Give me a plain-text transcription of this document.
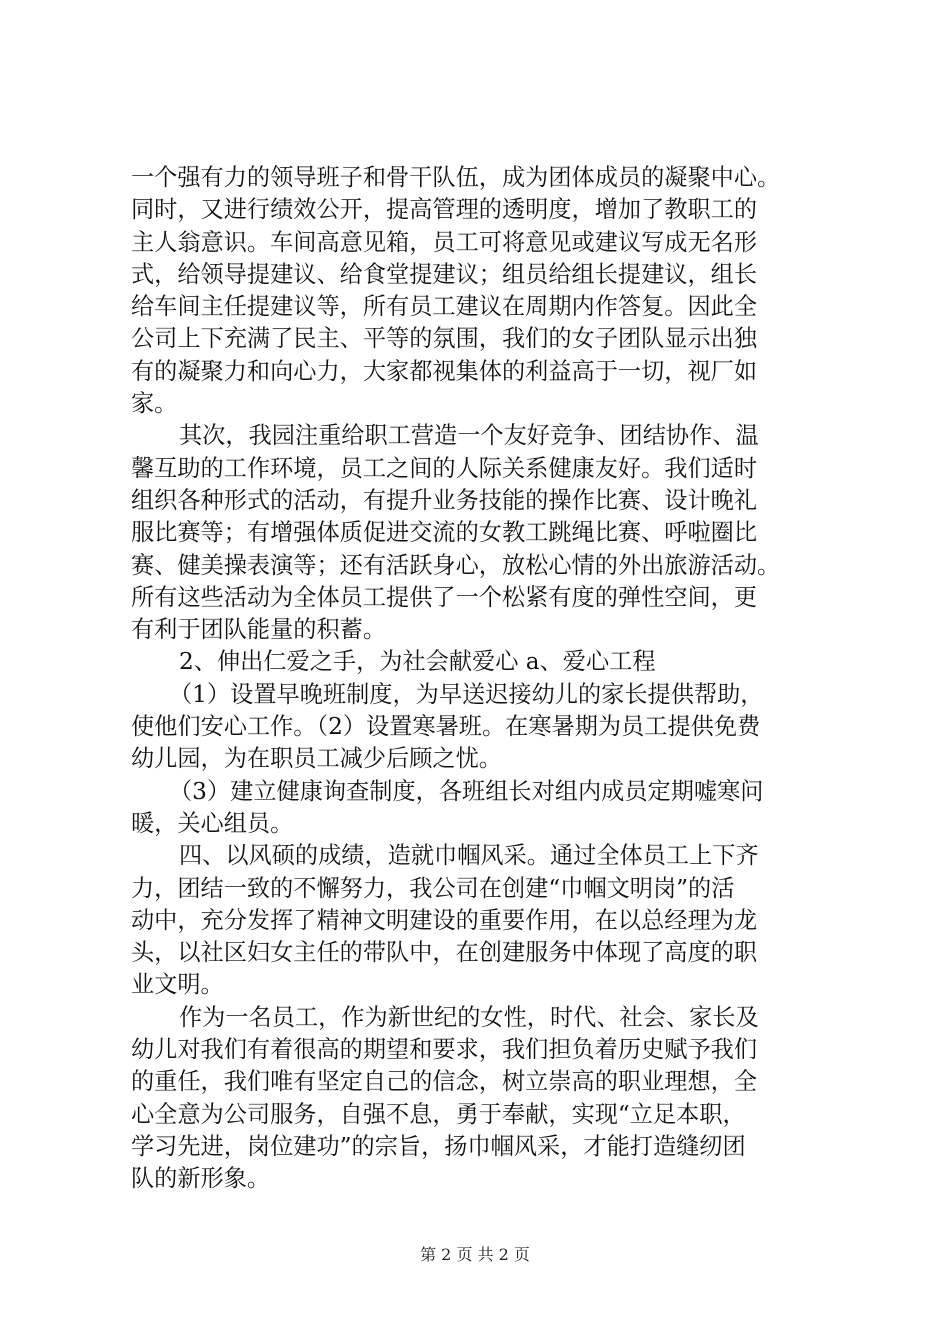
一个强有力的领导班子和骨干队伍，成为团体成员的凝聚中心。
同时，又进行绩效公开，提高管理的透明度，增加了教职工的
主人翁意识。车间高意见箱，员工可将意见或建议写成无名形
式，给领导提建议、给食堂提建议；组员给组长提建议，组长
给车间主任提建议等，所有员工建议在周期内作答复。因此全
公司上下充满了民主、平等的氛围，我们的女子团队显示出独
有的凝聚力和向心力，大家都视集体的利益高于一切，视厂如
家。
其次，我园注重给职工营造一个友好竞争、团结协作、温
馨互助的工作环境，员工之间的人际关系健康友好。我们适时
组织各种形式的活动，有提升业务技能的操作比赛、设计晚礼
服比赛等；有增强体质促进交流的女教工跳绳比赛、呼啦圈比
赛、健美操表演等；还有活跃身心，放松心情的外出旅游活动。
所有这些活动为全体员工提供了一个松紧有度的弹性空间，更
有利于团队能量的积蓄。
2、伸出仁爱之手，为社会献爱心 a、爱心工程
（1）设置早晚班制度，为早送迟接幼儿的家长提供帮助，
使他们安心工作。（2）设置寒暑班。在寒暑期为员工提供免费
幼儿园，为在职员工减少后顾之忧。
（3）建立健康询查制度，各班组长对组内成员定期嘘寒问
暖，关心组员。
四、以风硕的成绩，造就巾帼风采。通过全体员工上下齐
力，团结一致的不懈努力，我公司在创建“巾帼文明岗”的活
动中，充分发挥了精神文明建设的重要作用，在以总经理为龙
头，以社区妇女主任的带队中，在创建服务中体现了高度的职
业文明。
作为一名员工，作为新世纪的女性，时代、社会、家长及
幼儿对我们有着很高的期望和要求，我们担负着历史赋予我们
的重任，我们唯有坚定自己的信念，树立崇高的职业理想，全
心全意为公司服务，自强不息，勇于奉献，实现“立足本职，
学习先进，岗位建功”的宗旨，扬巾帼风采，才能打造缝纫团
队的新形象。
第 2 页 共 2 页
